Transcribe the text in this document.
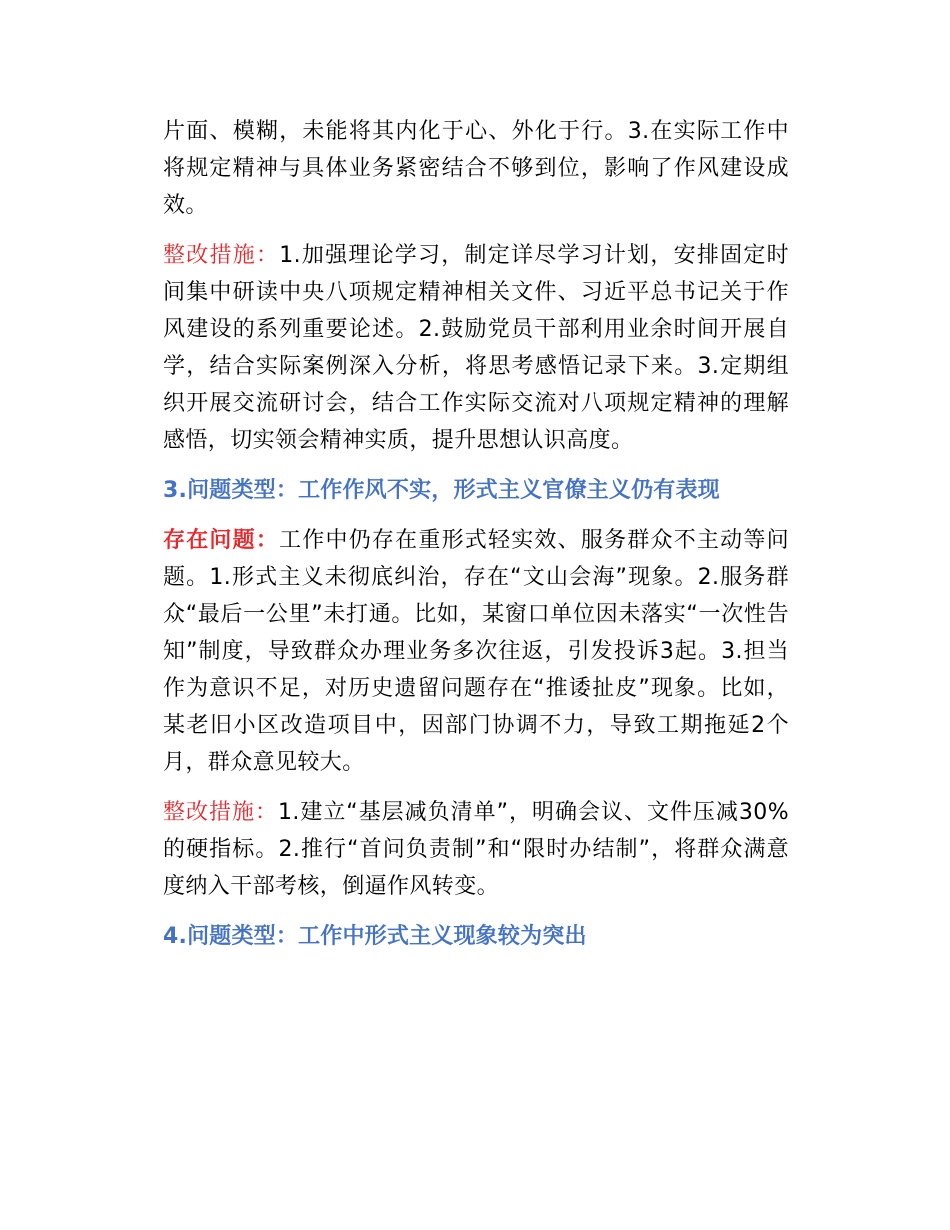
片面、模糊，未能将其内化于心、外化于行。3.在实际工作中将规定精神与具体业务紧密结合不够到位，影响了作风建设成效。

整改措施：1.加强理论学习，制定详尽学习计划，安排固定时间集中研读中央八项规定精神相关文件、习近平总书记关于作风建设的系列重要论述。2.鼓励党员干部利用业余时间开展自学，结合实际案例深入分析，将思考感悟记录下来。3.定期组织开展交流研讨会，结合工作实际交流对八项规定精神的理解感悟，切实领会精神实质，提升思想认识高度。

3.问题类型：工作作风不实，形式主义官僚主义仍有表现

存在问题：工作中仍存在重形式轻实效、服务群众不主动等问题。1.形式主义未彻底纠治，存在“文山会海”现象。2.服务群众“最后一公里”未打通。比如，某窗口单位因未落实“一次性告知”制度，导致群众办理业务多次往返，引发投诉3起。3.担当作为意识不足，对历史遗留问题存在“推诿扯皮”现象。比如，某老旧小区改造项目中，因部门协调不力，导致工期拖延2个月，群众意见较大。

整改措施：1.建立“基层减负清单”，明确会议、文件压减30%的硬指标。2.推行“首问负责制”和“限时办结制”，将群众满意度纳入干部考核，倒逼作风转变。

4.问题类型：工作中形式主义现象较为突出
